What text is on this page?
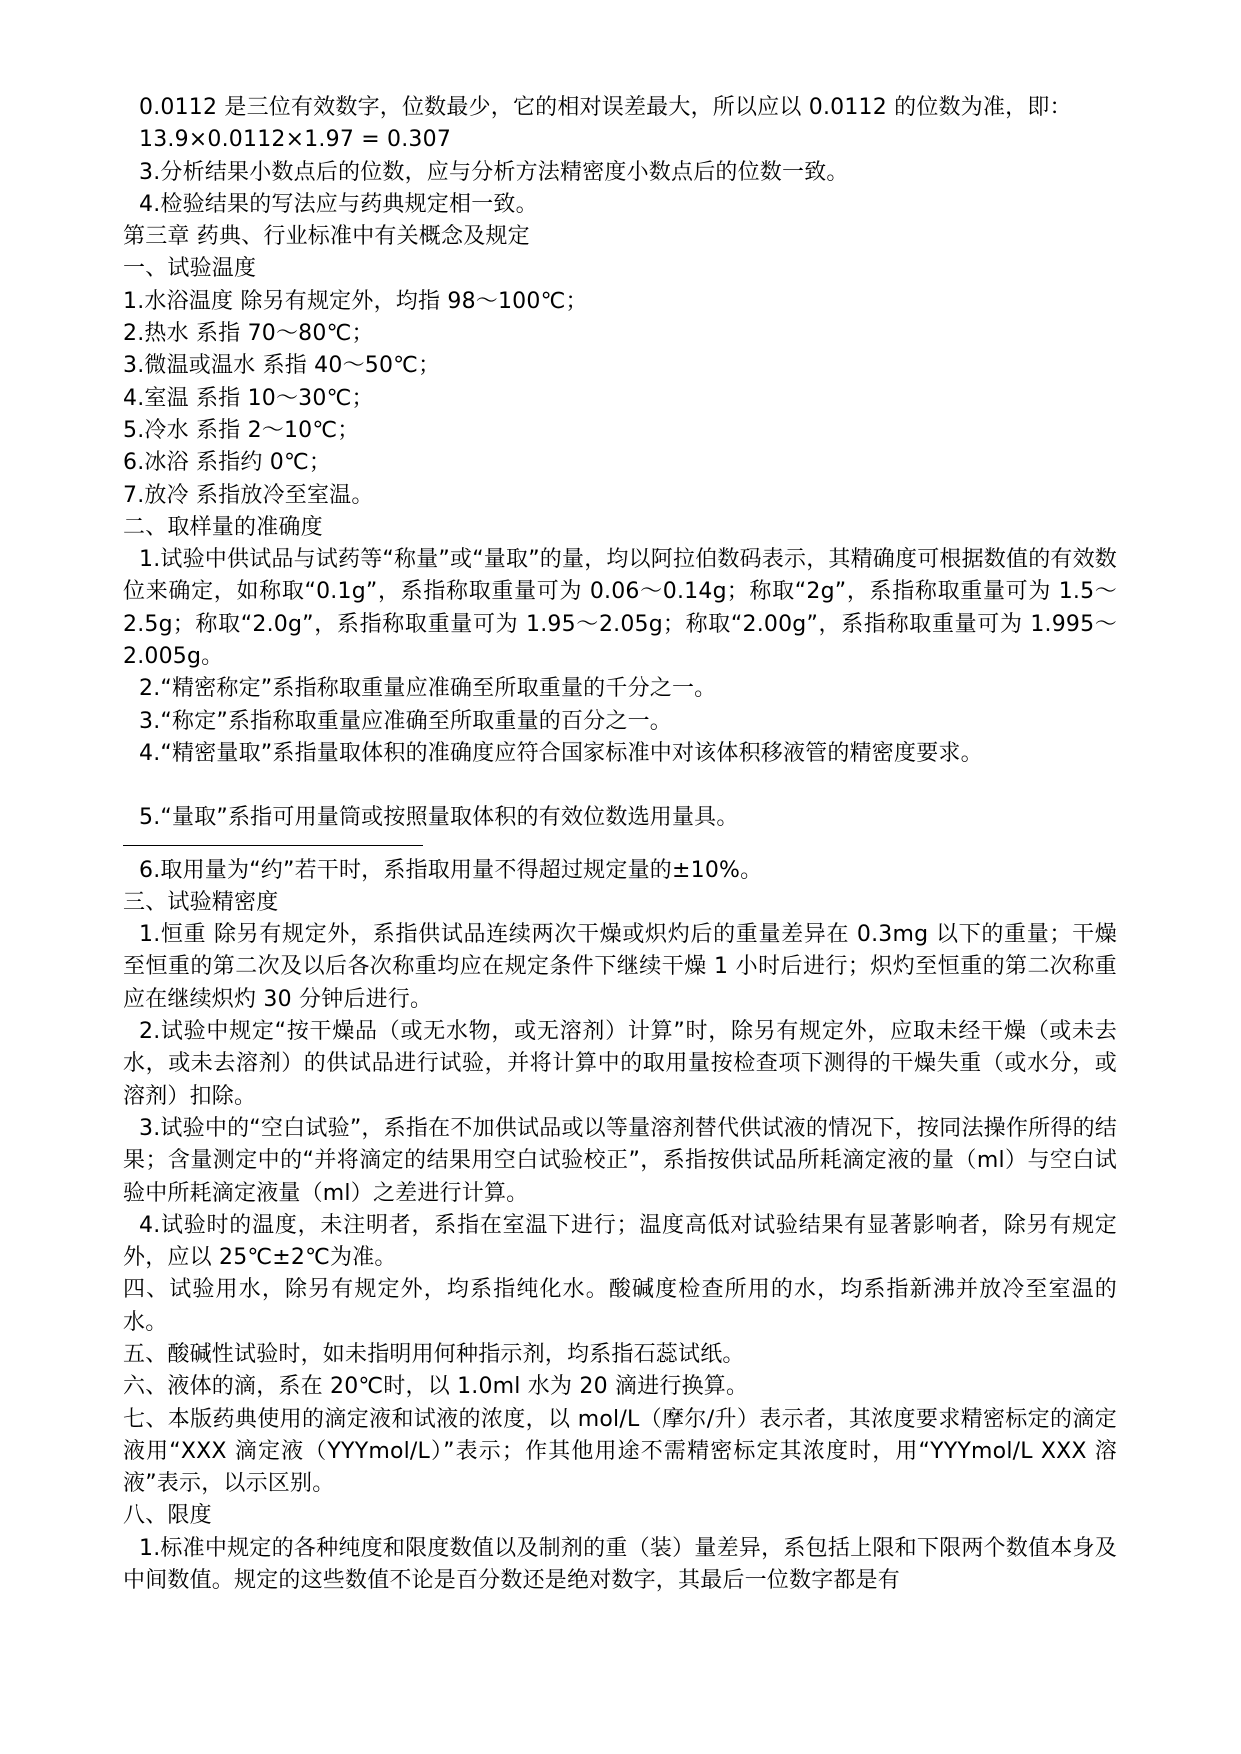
0.0112 是三位有效数字，位数最少，它的相对误差最大，所以应以 0.0112 的位数为准，即：

13.9×0.0112×1.97 = 0.307

3.分析结果小数点后的位数，应与分析方法精密度小数点后的位数一致。

4.检验结果的写法应与药典规定相一致。

第三章 药典、行业标准中有关概念及规定

一、试验温度

1.水浴温度 除另有规定外，均指 98～100℃；

2.热水 系指 70～80℃；

3.微温或温水 系指 40～50℃；

4.室温 系指 10～30℃；

5.冷水 系指 2～10℃；

6.冰浴 系指约 0℃；

7.放冷 系指放冷至室温。

二、取样量的准确度

1.试验中供试品与试药等“称量”或“量取”的量，均以阿拉伯数码表示，其精确度可根据数值的有效数位来确定，如称取“0.1g”，系指称取重量可为 0.06～0.14g；称取“2g”，系指称取重量可为 1.5～2.5g；称取“2.0g”，系指称取重量可为 1.95～2.05g；称取“2.00g”，系指称取重量可为 1.995～2.005g。

2.“精密称定”系指称取重量应准确至所取重量的千分之一。

3.“称定”系指称取重量应准确至所取重量的百分之一。

4.“精密量取”系指量取体积的准确度应符合国家标准中对该体积移液管的精密度要求。

5.“量取”系指可用量筒或按照量取体积的有效位数选用量具。

6.取用量为“约”若干时，系指取用量不得超过规定量的±10%。

三、试验精密度

1.恒重 除另有规定外，系指供试品连续两次干燥或炽灼后的重量差异在 0.3mg 以下的重量；干燥至恒重的第二次及以后各次称重均应在规定条件下继续干燥 1 小时后进行；炽灼至恒重的第二次称重应在继续炽灼 30 分钟后进行。

2.试验中规定“按干燥品（或无水物，或无溶剂）计算”时，除另有规定外，应取未经干燥（或未去水，或未去溶剂）的供试品进行试验，并将计算中的取用量按检查项下测得的干燥失重（或水分，或溶剂）扣除。

3.试验中的“空白试验”，系指在不加供试品或以等量溶剂替代供试液的情况下，按同法操作所得的结果；含量测定中的“并将滴定的结果用空白试验校正”，系指按供试品所耗滴定液的量（ml）与空白试验中所耗滴定液量（ml）之差进行计算。

4.试验时的温度，未注明者，系指在室温下进行；温度高低对试验结果有显著影响者，除另有规定外，应以 25℃±2℃为准。

四、试验用水，除另有规定外，均系指纯化水。酸碱度检查所用的水，均系指新沸并放冷至室温的水。

五、酸碱性试验时，如未指明用何种指示剂，均系指石蕊试纸。

六、液体的滴，系在 20℃时，以 1.0ml 水为 20 滴进行换算。

七、本版药典使用的滴定液和试液的浓度，以 mol/L（摩尔/升）表示者，其浓度要求精密标定的滴定液用“XXX 滴定液（YYYmol/L）”表示；作其他用途不需精密标定其浓度时，用“YYYmol/L XXX 溶液”表示，以示区别。

八、限度

1.标准中规定的各种纯度和限度数值以及制剂的重（装）量差异，系包括上限和下限两个数值本身及中间数值。规定的这些数值不论是百分数还是绝对数字，其最后一位数字都是有
